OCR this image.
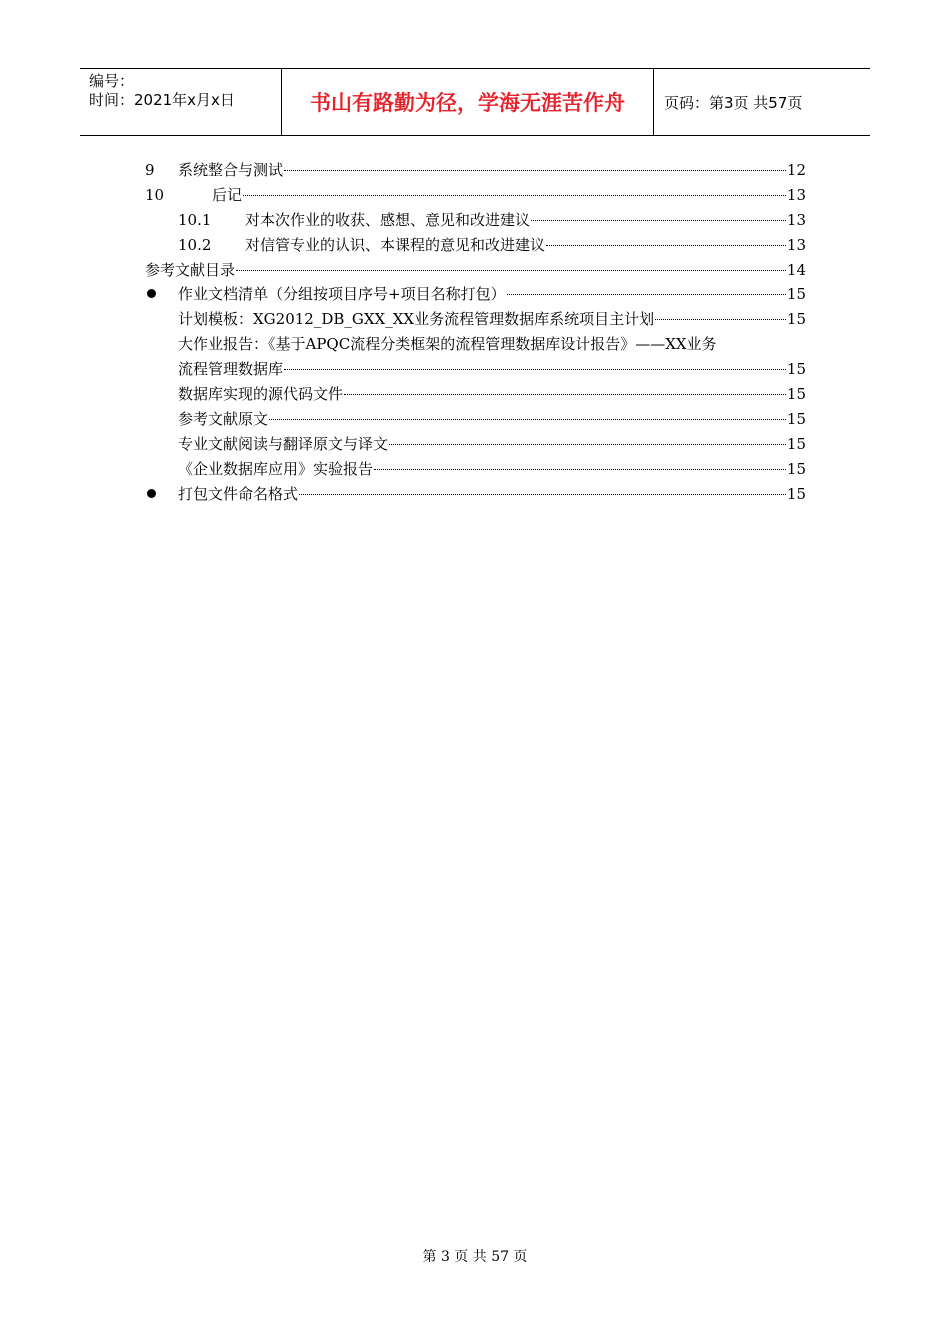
编号：
时间：2021年x月x日	书山有路勤为径，学海无涯苦作舟	页码：第3页 共57页
9	系统整合与测试	12
10	后记	13
10.1	对本次作业的收获、感想、意见和改进建议	13
10.2	对信管专业的认识、本课程的意见和改进建议	13
参考文献目录	14
作业文档清单（分组按项目序号+项目名称打包）	15
计划模板：XG2012_DB_GXX_XX业务流程管理数据库系统项目主计划	15
大作业报告：《基于APQC流程分类框架的流程管理数据库设计报告》——XX业务
流程管理数据库	15
数据库实现的源代码文件	15
参考文献原文	15
专业文献阅读与翻译原文与译文	15
《企业数据库应用》实验报告	15
打包文件命名格式	15
第 3 页 共 57 页
